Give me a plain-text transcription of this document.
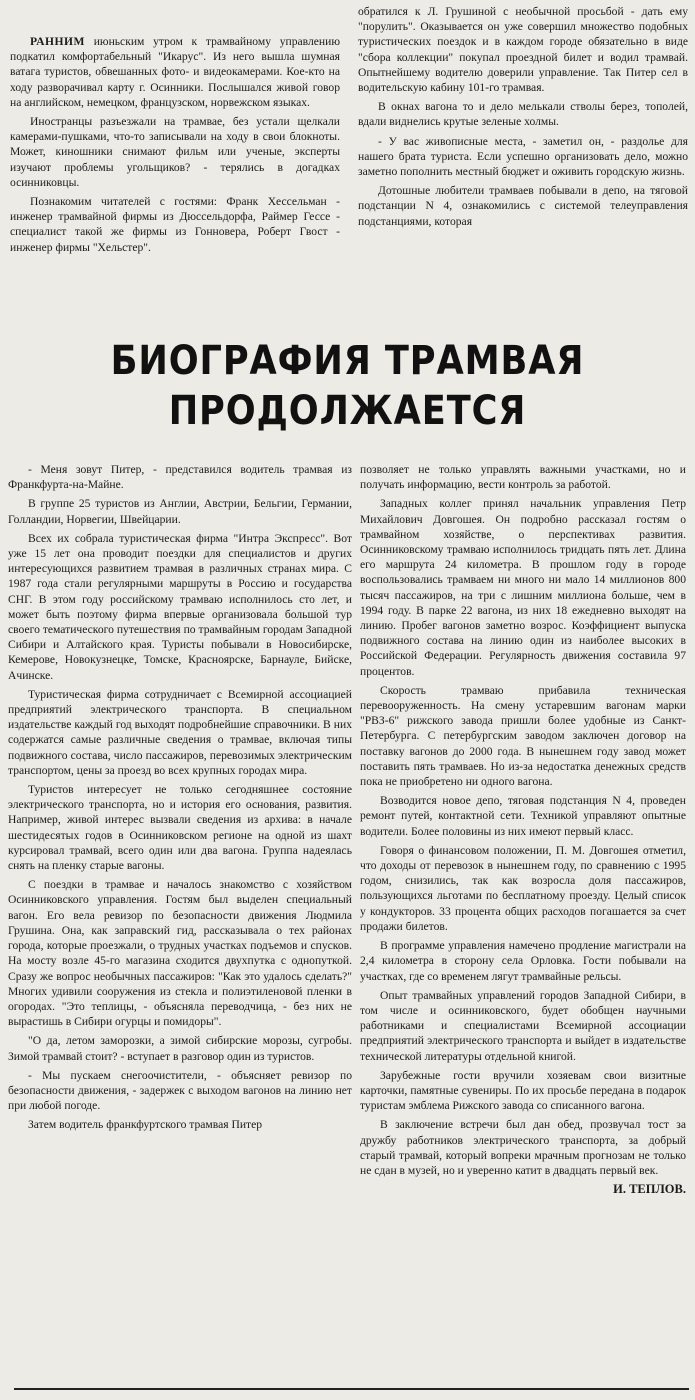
РАННИМ июньским утром к трамвайному управлению подкатил комфортабельный "Икарус". Из него вышла шумная ватага туристов, обвешанных фото- и видеокамерами. Кое-кто на ходу разворачивал карту г. Осинники. Послышался живой говор на английском, немецком, французском, норвежском языках.

Иностранцы разъезжали на трамвае, без устали щелкали камерами-пушками, что-то записывали на ходу в свои блокноты. Может, киношники снимают фильм или ученые, эксперты изучают проблемы угольщиков? - терялись в догадках осинниковцы.

Познакомим читателей с гостями: Франк Хессельман - инженер трамвайной фирмы из Дюссельдорфа, Раймер Гессе - специалист такой же фирмы из Гонновера, Роберт Гвост - инженер фирмы "Хельстер".

обратился к Л. Грушиной с необычной просьбой - дать ему "порулить". Оказывается он уже совершил множество подобных туристических поездок и в каждом городе обязательно в виде "сбора коллекции" покупал проездной билет и водил трамвай. Опытнейшему водителю доверили управление. Так Питер сел в водительскую кабину 101-го трамвая.

В окнах вагона то и дело мелькали стволы берез, тополей, вдали виднелись крутые зеленые холмы.

- У вас живописные места, - заметил он, - раздолье для нашего брата туриста. Если успешно организовать дело, можно заметно пополнить местный бюджет и оживить городскую жизнь.

Дотошные любители трамваев побывали в депо, на тяговой подстанции N 4, ознакомились с системой телеуправления подстанциями, которая

БИОГРАФИЯ ТРАМВАЯ
ПРОДОЛЖАЕТСЯ

- Меня зовут Питер, - представился водитель трамвая из Франкфурта-на-Майне.

В группе 25 туристов из Англии, Австрии, Бельгии, Германии, Голландии, Норвегии, Швейцарии.

Всех их собрала туристическая фирма "Интра Экспресс". Вот уже 15 лет она проводит поездки для специалистов и других интересующихся развитием трамвая в различных странах мира. С 1987 года стали регулярными маршруты в Россию и государства СНГ. В этом году российскому трамваю исполнилось сто лет, и может быть поэтому фирма впервые организовала большой тур своего тематического путешествия по трамвайным городам Западной Сибири и Алтайского края. Туристы побывали в Новосибирске, Кемерове, Новокузнецке, Томске, Красноярске, Барнауле, Бийске, Ачинске.

Туристическая фирма сотрудничает с Всемирной ассоциацией предприятий электрического транспорта. В специальном издательстве каждый год выходят подробнейшие справочники. В них содержатся самые различные сведения о трамвае, включая типы подвижного состава, число пассажиров, перевозимых электрическим транспортом, цены за проезд во всех крупных городах мира.

Туристов интересует не только сегодняшнее состояние электрического транспорта, но и история его основания, развития. Например, живой интерес вызвали сведения из архива: в начале шестидесятых годов в Осинниковском регионе на одной из шахт курсировал трамвай, всего один или два вагона. Группа надеялась снять на пленку старые вагоны.

С поездки в трамвае и началось знакомство с хозяйством Осинниковского управления. Гостям был выделен специальный вагон. Его вела ревизор по безопасности движения Людмила Грушина. Она, как заправский гид, рассказывала о тех районах города, которые проезжали, о трудных участках подъемов и спусков. На мосту возле 45-го магазина сходится двухпутка с однопуткой. Сразу же вопрос необычных пассажиров: "Как это удалось сделать?" Многих удивили сооружения из стекла и полиэтиленовой пленки в огородах. "Это теплицы, - объясняла переводчица, - без них не вырастишь в Сибири огурцы и помидоры".

"О да, летом заморозки, а зимой сибирские морозы, сугробы. Зимой трамвай стоит? - вступает в разговор один из туристов.

- Мы пускаем снегоочистители, - объясняет ревизор по безопасности движения, - задержек с выходом вагонов на линию нет при любой погоде.

Затем водитель франкфуртского трамвая Питер

позволяет не только управлять важными участками, но и получать информацию, вести контроль за работой.

Западных коллег принял начальник управления Петр Михайлович Довгошея. Он подробно рассказал гостям о трамвайном хозяйстве, о перспективах развития. Осинниковскому трамваю исполнилось тридцать пять лет. Длина его маршрута 24 километра. В прошлом году в городе воспользовались трамваем ни много ни мало 14 миллионов 800 тысяч пассажиров, на три с лишним миллиона больше, чем в 1994 году. В парке 22 вагона, из них 18 ежедневно выходят на линию. Пробег вагонов заметно возрос. Коэффициент выпуска подвижного состава на линию один из наиболее высоких в Российской Федерации. Регулярность движения составила 97 процентов.

Скорость трамваю прибавила техническая перевооруженность. На смену устаревшим вагонам марки "РВЗ-6" рижского завода пришли более удобные из Санкт-Петербурга. С петербургским заводом заключен договор на поставку вагонов до 2000 года. В нынешнем году завод может поставить пять трамваев. Но из-за недостатка денежных средств пока не приобретено ни одного вагона.

Возводится новое депо, тяговая подстанция N 4, проведен ремонт путей, контактной сети. Техникой управляют опытные водители. Более половины из них имеют первый класс.

Говоря о финансовом положении, П. М. Довгошея отметил, что доходы от перевозок в нынешнем году, по сравнению с 1995 годом, снизились, так как возросла доля пассажиров, пользующихся льготами по бесплатному проезду. Целый список у кондукторов. 33 процента общих расходов погашается за счет продажи билетов.

В программе управления намечено продление магистрали на 2,4 километра в сторону села Орловка. Гости побывали на участках, где со временем лягут трамвайные рельсы.

Опыт трамвайных управлений городов Западной Сибири, в том числе и осинниковского, будет обобщен научными работниками и специалистами Всемирной ассоциации предприятий электрического транспорта и выйдет в издательстве технической литературы отдельной книгой.

Зарубежные гости вручили хозяевам свои визитные карточки, памятные сувениры. По их просьбе передана в подарок туристам эмблема Рижского завода со списанного вагона.

В заключение встречи был дан обед, прозвучал тост за дружбу работников электрического транспорта, за добрый старый трамвай, который вопреки мрачным прогнозам не только не сдан в музей, но и уверенно катит в двадцать первый век.

И. ТЕПЛОВ.
